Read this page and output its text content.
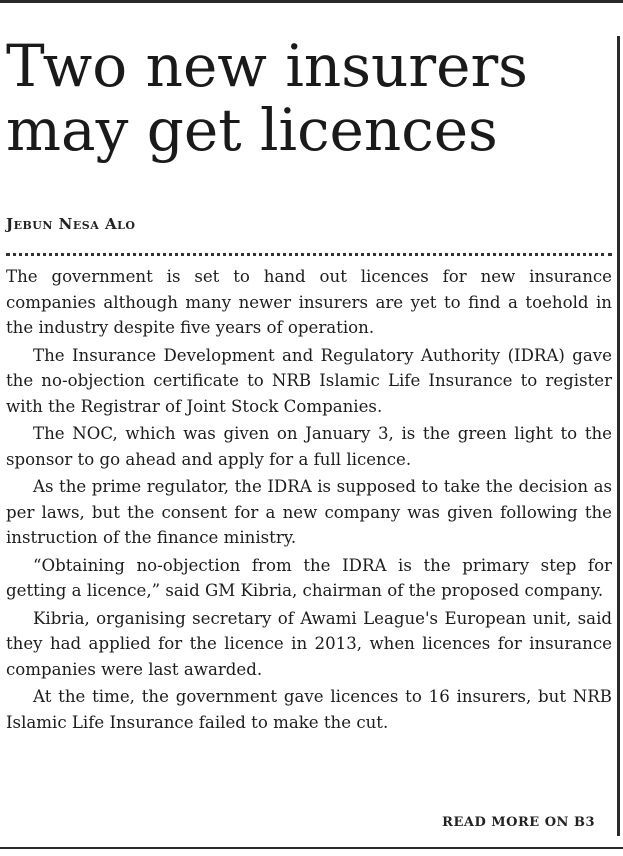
Two new insurers
may get licences
Jebun Nesa Alo

The government is set to hand out licences for new insurance companies although many newer insurers are yet to find a toehold in the industry despite five years of operation.

The Insurance Development and Regulatory Authority (IDRA) gave the no-objection certificate to NRB Islamic Life Insurance to register with the Registrar of Joint Stock Companies.

The NOC, which was given on January 3, is the green light to the sponsor to go ahead and apply for a full licence.

As the prime regulator, the IDRA is supposed to take the decision as per laws, but the consent for a new company was given following the instruction of the finance ministry.

“Obtaining no-objection from the IDRA is the primary step for getting a licence,” said GM Kibria, chairman of the proposed company.

Kibria, organising secretary of Awami League's European unit, said they had applied for the licence in 2013, when licences for insurance companies were last awarded.

At the time, the government gave licences to 16 insurers, but NRB Islamic Life Insurance failed to make the cut.

READ MORE ON B3
